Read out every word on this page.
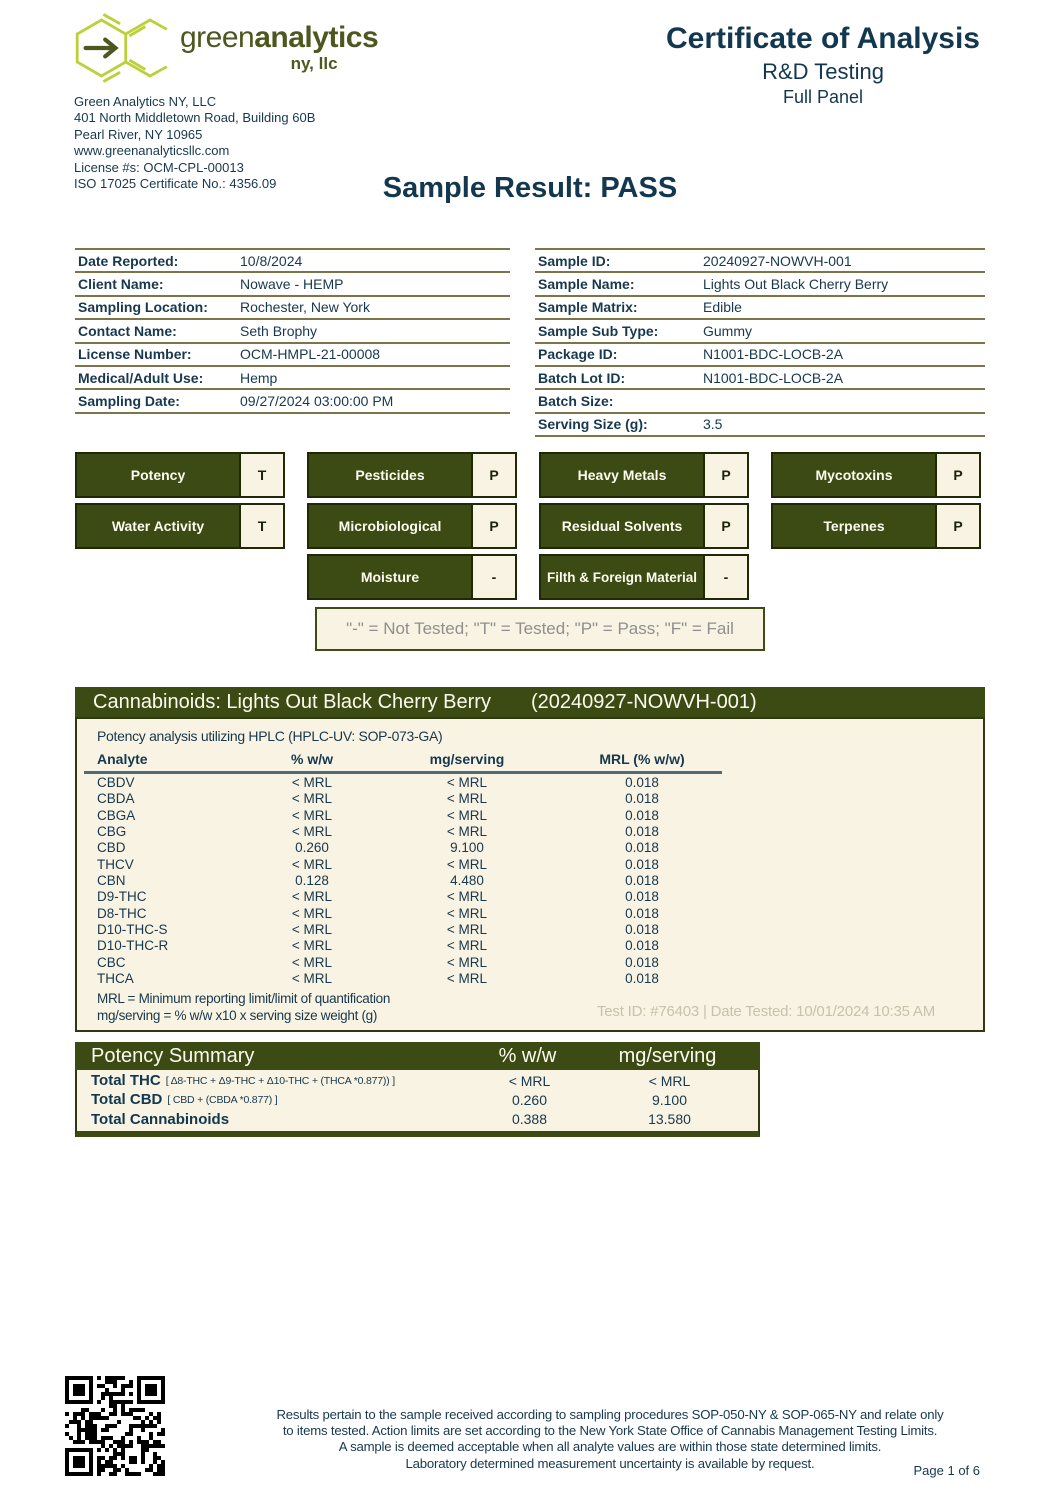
greenanalytics
ny, llc
Green Analytics NY, LLC
401 North Middletown Road, Building 60B
Pearl River, NY 10965
www.greenanalyticsllc.com
License #s: OCM-CPL-00013
ISO 17025 Certificate No.: 4356.09
Certificate of Analysis
R&D Testing
Full Panel
Sample Result: PASS
Date Reported:	10/8/2024
Client Name:	Nowave - HEMP
Sampling Location:	Rochester, New York
Contact Name:	Seth Brophy
License Number:	OCM-HMPL-21-00008
Medical/Adult Use:	Hemp
Sampling Date:	09/27/2024 03:00:00 PM
Sample ID:	20240927-NOWVH-001
Sample Name:	Lights Out Black Cherry Berry
Sample Matrix:	Edible
Sample Sub Type:	Gummy
Package ID:	N1001-BDC-LOCB-2A
Batch Lot ID:	N1001-BDC-LOCB-2A
Batch Size:
Serving Size (g):	3.5
Potency	T
Water Activity	T
Pesticides	P
Microbiological	P
Moisture	-
Heavy Metals	P
Residual Solvents	P
Filth & Foreign Material	-
Mycotoxins	P
Terpenes	P
"-" = Not Tested; "T" = Tested; "P" = Pass; "F" = Fail
Cannabinoids: Lights Out Black Cherry Berry (20240927-NOWVH-001)
Potency analysis utilizing HPLC (HPLC-UV: SOP-073-GA)
Analyte	% w/w	mg/serving	MRL (% w/w)
CBDV	< MRL	< MRL	0.018
CBDA	< MRL	< MRL	0.018
CBGA	< MRL	< MRL	0.018
CBG	< MRL	< MRL	0.018
CBD	0.260	9.100	0.018
THCV	< MRL	< MRL	0.018
CBN	0.128	4.480	0.018
D9-THC	< MRL	< MRL	0.018
D8-THC	< MRL	< MRL	0.018
D10-THC-S	< MRL	< MRL	0.018
D10-THC-R	< MRL	< MRL	0.018
CBC	< MRL	< MRL	0.018
THCA	< MRL	< MRL	0.018
MRL = Minimum reporting limit/limit of quantification
mg/serving = % w/w x10 x serving size weight (g)	Test ID: #76403 | Date Tested: 10/01/2024 10:35 AM
Potency Summary	% w/w	mg/serving
Total THC [ Δ8-THC + Δ9-THC + Δ10-THC + (THCA *0.877)) ]	< MRL	< MRL
Total CBD [ CBD + (CBDA *0.877) ]	0.260	9.100
Total Cannabinoids	0.388	13.580
Results pertain to the sample received according to sampling procedures SOP-050-NY & SOP-065-NY and relate only
to items tested. Action limits are set according to the New York State Office of Cannabis Management Testing Limits.
A sample is deemed acceptable when all analyte values are within those state determined limits.
Laboratory determined measurement uncertainty is available by request.	Page 1 of 6
